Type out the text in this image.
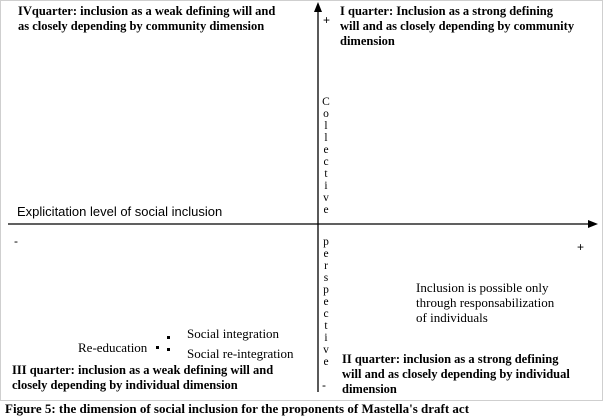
IVquarter: inclusion as a weak defining will and
as closely depending by community dimension
I quarter: Inclusion as a strong defining
will and as closely depending by community
dimension
III quarter: inclusion as a weak defining will and
closely depending by individual dimension
II quarter: inclusion as a strong defining
will and as closely depending by individual
dimension
+
-
-	+
Explicitation level of social inclusion
C
o
l
l
e
c
t
i
v
e
p
e
r
s
p
e
c
t
i
v
e
Inclusion is possible only
through responsabilization
of individuals
Social integration
Re-education	Social re-integration
Figure 5: the dimension of social inclusion for the proponents of Mastella's draft act
